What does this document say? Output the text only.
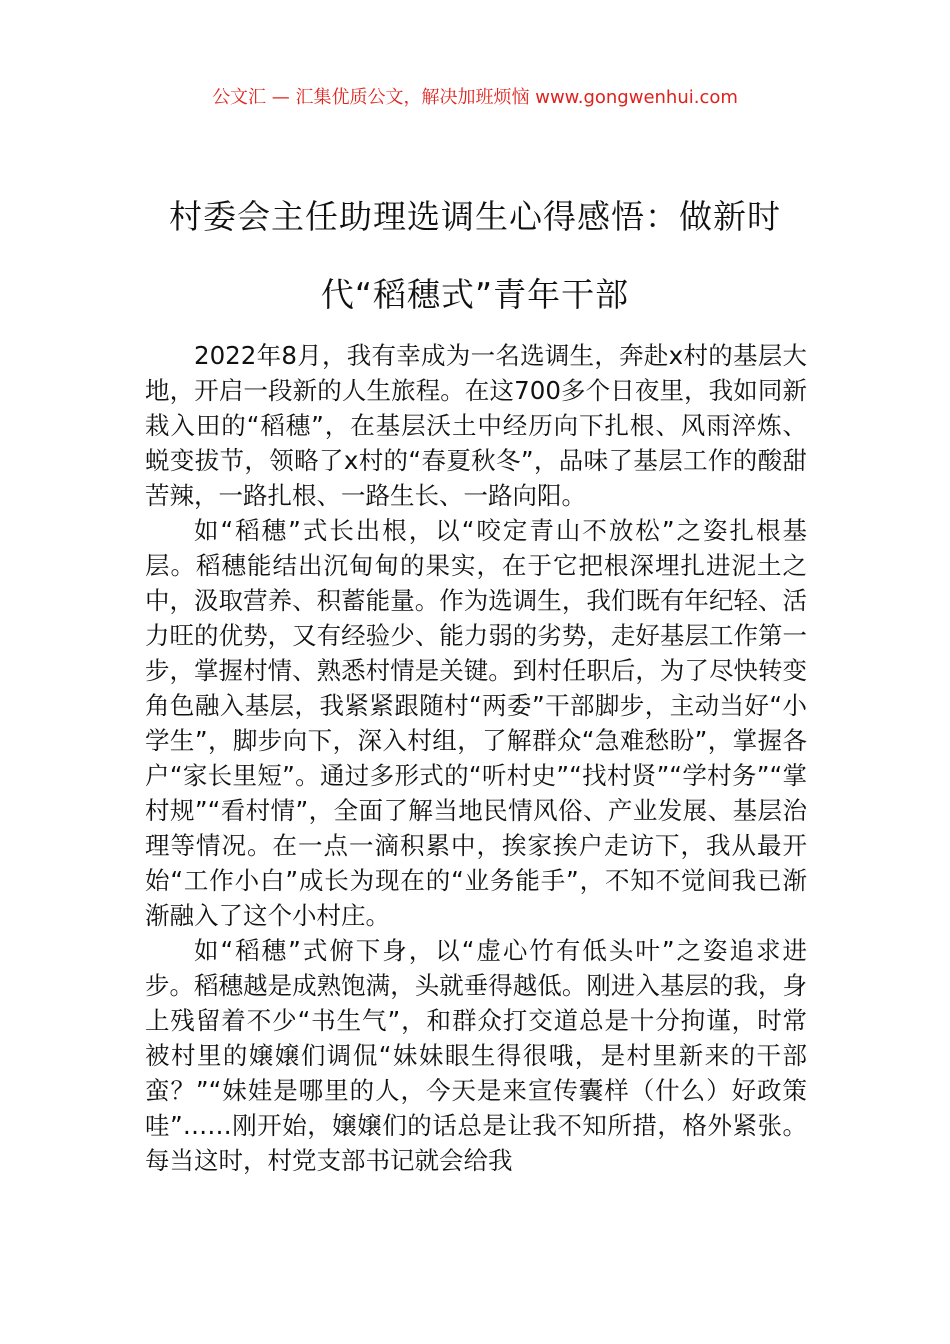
公文汇 — 汇集优质公文，解决加班烦恼 www.gongwenhui.com
村委会主任助理选调生心得感悟：做新时
代“稻穗式”青年干部

2022年8月，我有幸成为一名选调生，奔赴x村的基层大地，开启一段新的人生旅程。在这700多个日夜里，我如同新栽入田的“稻穗”，在基层沃土中经历向下扎根、风雨淬炼、蜕变拔节，领略了x村的“春夏秋冬”，品味了基层工作的酸甜苦辣，一路扎根、一路生长、一路向阳。

如“稻穗”式长出根，以“咬定青山不放松”之姿扎根基层。稻穗能结出沉甸甸的果实，在于它把根深埋扎进泥土之中，汲取营养、积蓄能量。作为选调生，我们既有年纪轻、活力旺的优势，又有经验少、能力弱的劣势，走好基层工作第一步，掌握村情、熟悉村情是关键。到村任职后，为了尽快转变角色融入基层，我紧紧跟随村“两委”干部脚步，主动当好“小学生”，脚步向下，深入村组，了解群众“急难愁盼”，掌握各户“家长里短”。通过多形式的“听村史”“找村贤”“学村务”“掌村规”“看村情”，全面了解当地民情风俗、产业发展、基层治理等情况。在一点一滴积累中，挨家挨户走访下，我从最开始“工作小白”成长为现在的“业务能手”，不知不觉间我已渐渐融入了这个小村庄。

如“稻穗”式俯下身，以“虚心竹有低头叶”之姿追求进步。稻穗越是成熟饱满，头就垂得越低。刚进入基层的我，身上残留着不少“书生气”，和群众打交道总是十分拘谨，时常被村里的嬢嬢们调侃“妹妹眼生得很哦，是村里新来的干部蛮？”“妹娃是哪里的人，今天是来宣传囊样（什么）好政策哇”……刚开始，嬢嬢们的话总是让我不知所措，格外紧张。每当这时，村党支部书记就会给我
